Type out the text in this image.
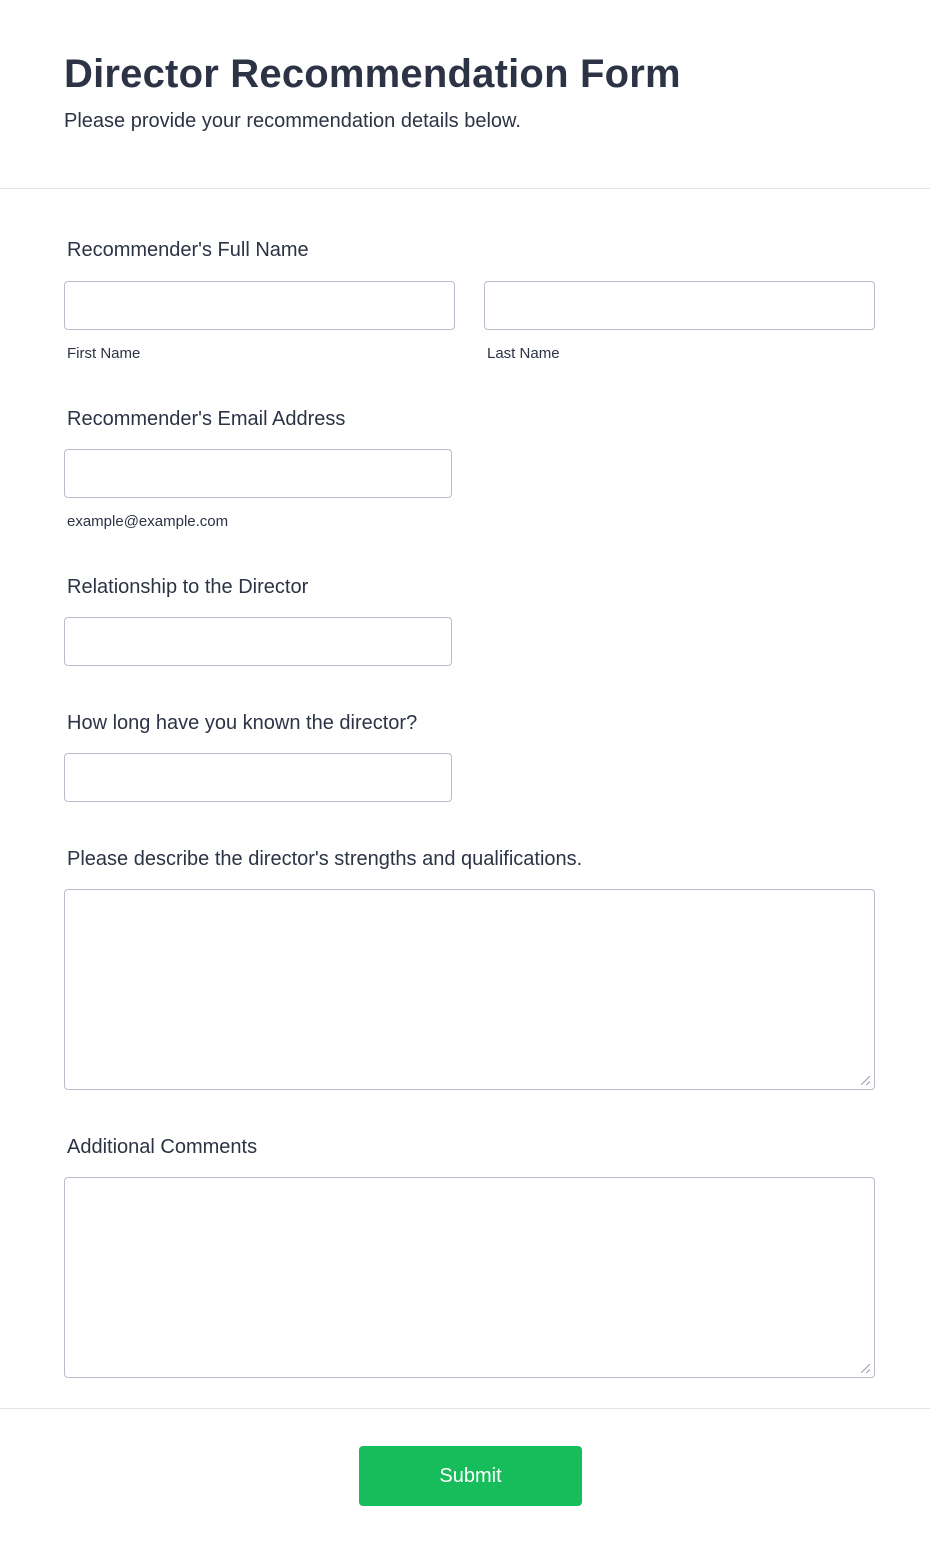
Director Recommendation Form
Please provide your recommendation details below.
Recommender's Full Name
First Name	Last Name
Recommender's Email Address
example@example.com
Relationship to the Director
How long have you known the director?
Please describe the director's strengths and qualifications.
Additional Comments
Submit
